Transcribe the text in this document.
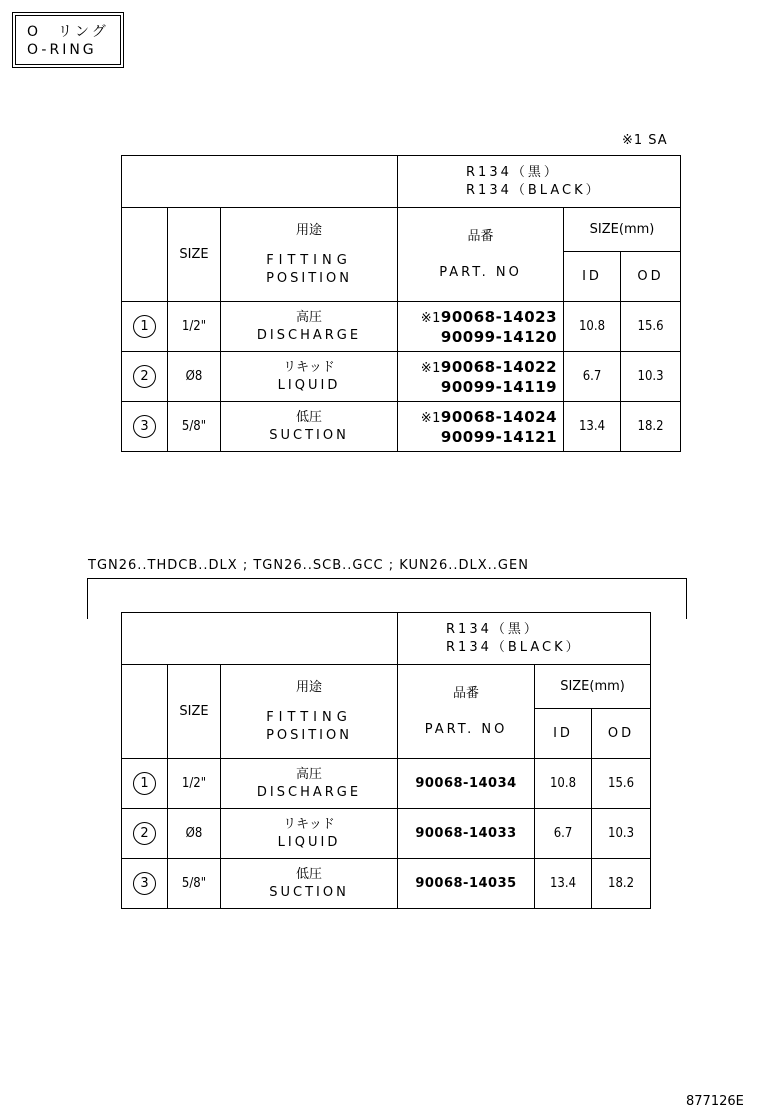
O　リング
O-RING
※1 SA

			R134（黒）
R134（BLACK）		

	SIZE	用途
FITTING
POSITION	品番
PART. NO	SIZE(mm)	
				ID	OD
1	1/2"	高圧
DISCHARGE	※190068-14023
90099-14120	10.8	15.6
2	Ø8	リキッド
LIQUID	※190068-14022
90099-14119	6.7	10.3
3	5/8"	低圧
SUCTION	※190068-14024
90099-14121	13.4	18.2
TGN26..THDCB..DLX ; TGN26..SCB..GCC ; KUN26..DLX..GEN

			R134（黒）
R134（BLACK）		

	SIZE	用途
FITTING
POSITION	品番
PART. NO	SIZE(mm)	
				ID	OD
1	1/2"	高圧
DISCHARGE	90068-14034	10.8	15.6
2	Ø8	リキッド
LIQUID	90068-14033	6.7	10.3
3	5/8"	低圧
SUCTION	90068-14035	13.4	18.2
877126E
